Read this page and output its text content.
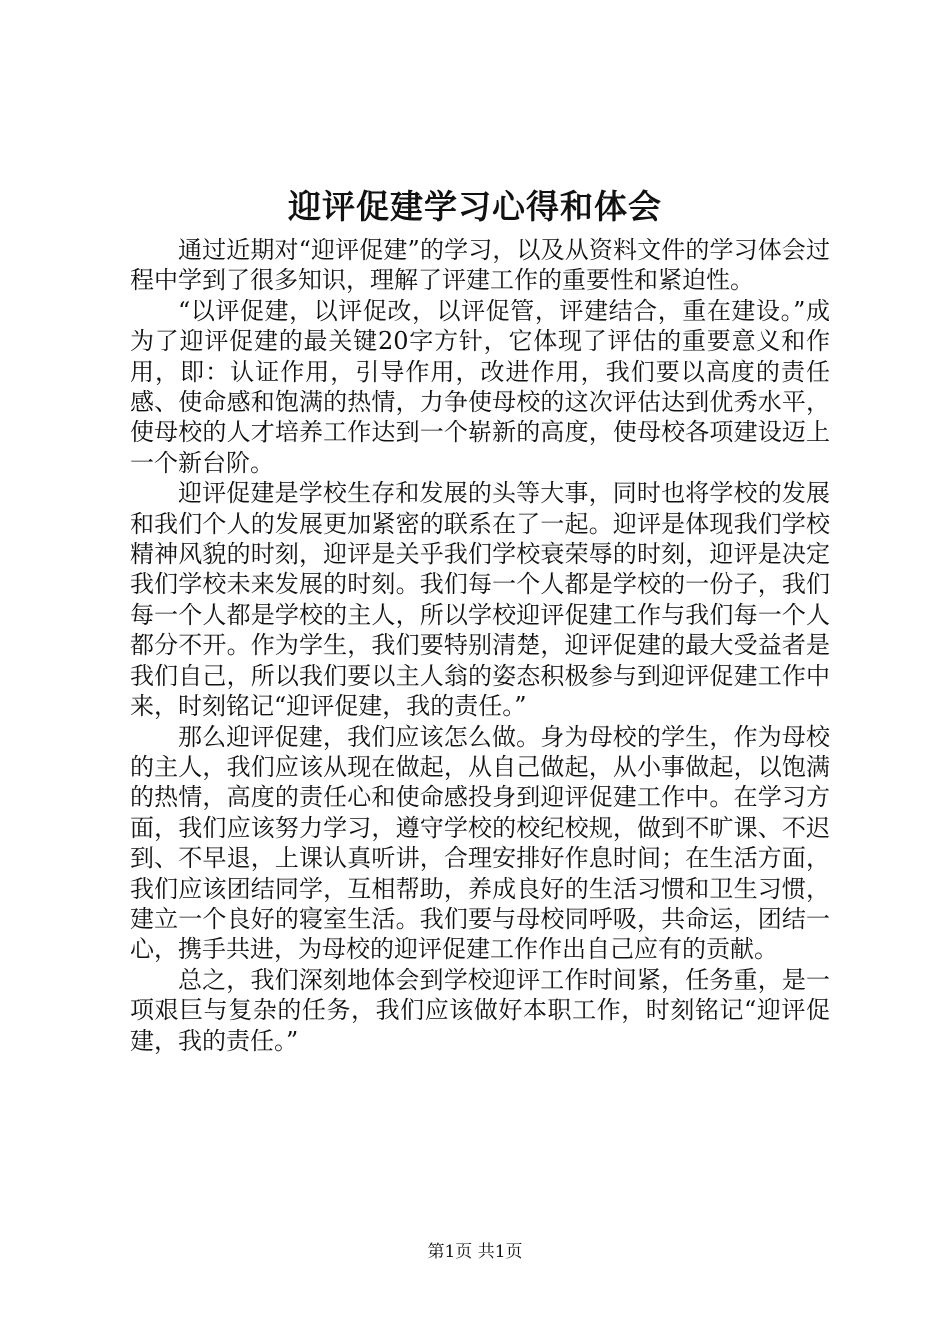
迎评促建学习心得和体会

通过近期对“迎评促建”的学习，以及从资料文件的学习体会过程中学到了很多知识，理解了评建工作的重要性和紧迫性。

“以评促建，以评促改，以评促管，评建结合，重在建设。”成为了迎评促建的最关键20字方针，它体现了评估的重要意义和作用，即：认证作用，引导作用，改进作用，我们要以高度的责任感、使命感和饱满的热情，力争使母校的这次评估达到优秀水平，使母校的人才培养工作达到一个崭新的高度，使母校各项建设迈上一个新台阶。

迎评促建是学校生存和发展的头等大事，同时也将学校的发展和我们个人的发展更加紧密的联系在了一起。迎评是体现我们学校精神风貌的时刻，迎评是关乎我们学校衰荣辱的时刻，迎评是决定我们学校未来发展的时刻。我们每一个人都是学校的一份子，我们每一个人都是学校的主人，所以学校迎评促建工作与我们每一个人都分不开。作为学生，我们要特别清楚，迎评促建的最大受益者是我们自己，所以我们要以主人翁的姿态积极参与到迎评促建工作中来，时刻铭记“迎评促建，我的责任。”

那么迎评促建，我们应该怎么做。身为母校的学生，作为母校的主人，我们应该从现在做起，从自己做起，从小事做起，以饱满的热情，高度的责任心和使命感投身到迎评促建工作中。在学习方面，我们应该努力学习，遵守学校的校纪校规，做到不旷课、不迟到、不早退，上课认真听讲，合理安排好作息时间；在生活方面，我们应该团结同学，互相帮助，养成良好的生活习惯和卫生习惯，建立一个良好的寝室生活。我们要与母校同呼吸，共命运，团结一心，携手共进，为母校的迎评促建工作作出自己应有的贡献。

总之，我们深刻地体会到学校迎评工作时间紧，任务重，是一项艰巨与复杂的任务，我们应该做好本职工作，时刻铭记“迎评促建，我的责任。”

第1页 共1页
